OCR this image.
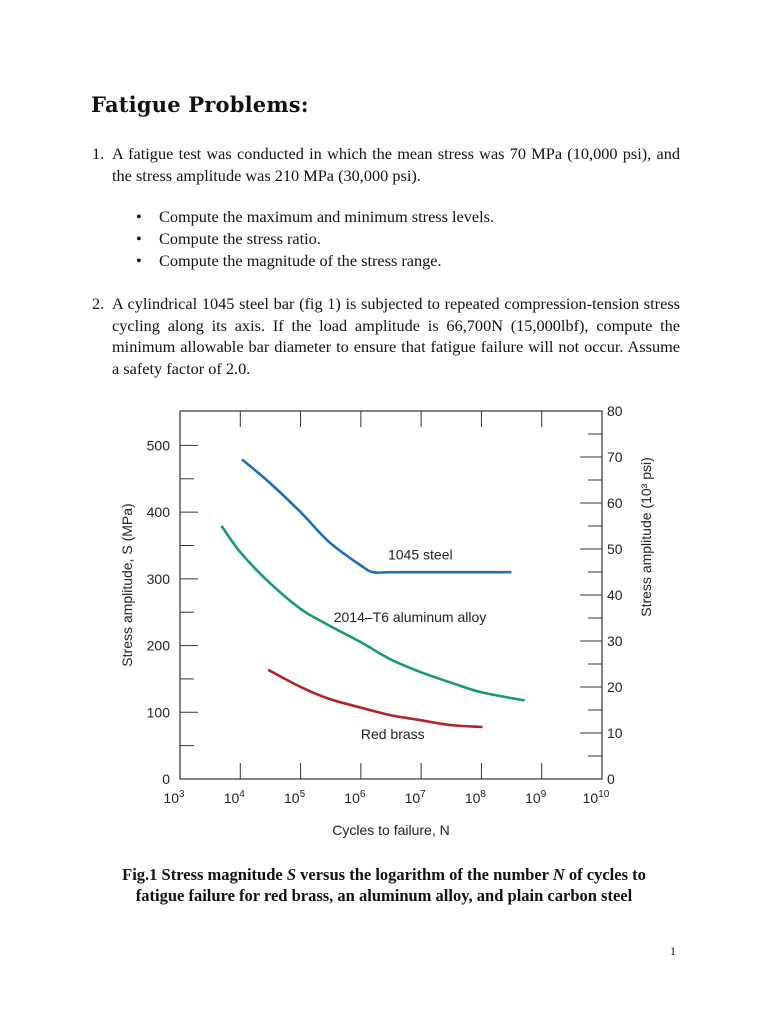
Fatigue Problems:
1. A fatigue test was conducted in which the mean stress was 70 MPa (10,000 psi), and the stress amplitude was 210 MPa (30,000 psi).
• Compute the maximum and minimum stress levels.
• Compute the stress ratio.
• Compute the magnitude of the stress range.
2. A cylindrical 1045 steel bar (fig 1) is subjected to repeated compression-tension stress cycling along its axis. If the load amplitude is 66,700N (15,000lbf), compute the minimum allowable bar diameter to ensure that fatigue failure will not occur. Assume a safety factor of 2.0.
$10^3$	$10^4$	$10^5$	$10^6$	$10^7$	$10^8$	$10^9$	$10^{10}$
0
100
200
300
400
500
0
10
20
30
40
50
60
70
80
1045 steel
2014–T6 aluminum alloy
Red brass
Cycles to failure, N
Stress amplitude, S (MPa)	Stress amplitude (10³ psi)
Fig.1 Stress magnitude S versus the logarithm of the number N of cycles to
fatigue failure for red brass, an aluminum alloy, and plain carbon steel
1
